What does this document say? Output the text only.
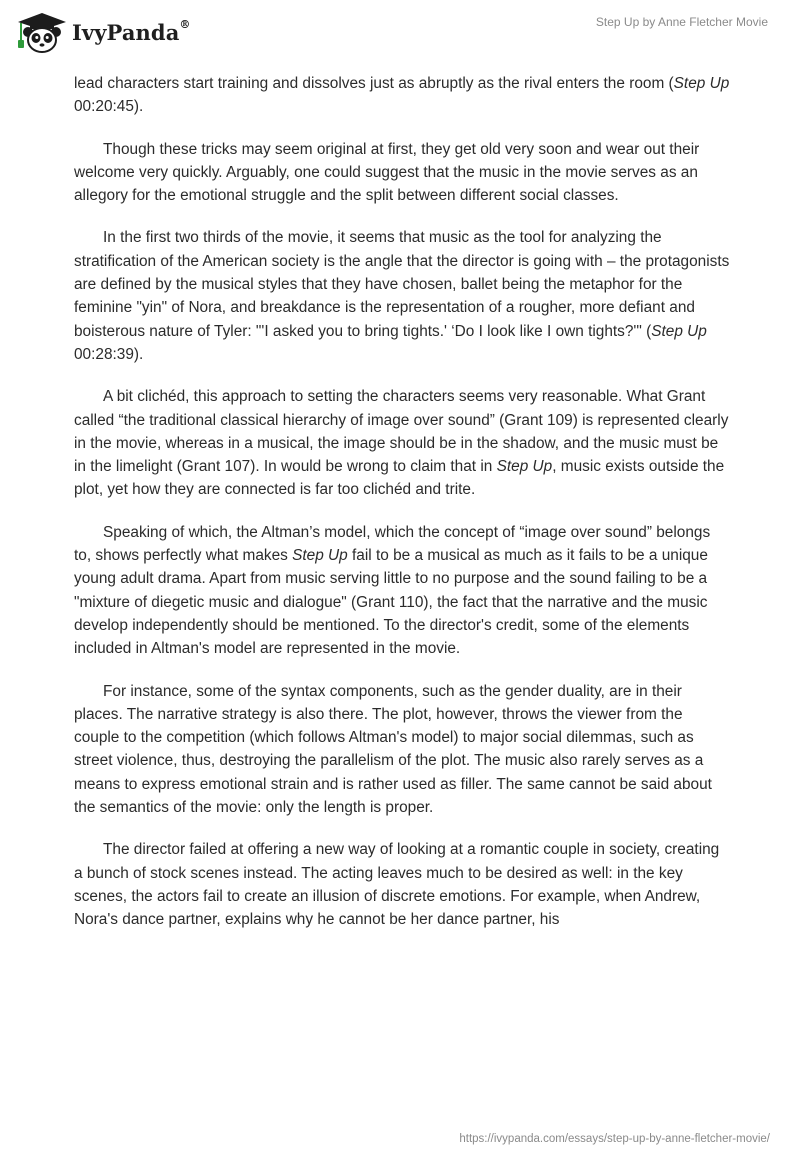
IvyPanda®	Step Up by Anne Fletcher Movie

lead characters start training and dissolves just as abruptly as the rival enters the room (Step Up 00:20:45).

Though these tricks may seem original at first, they get old very soon and wear out their welcome very quickly. Arguably, one could suggest that the music in the movie serves as an allegory for the emotional struggle and the split between different social classes.

In the first two thirds of the movie, it seems that music as the tool for analyzing the stratification of the American society is the angle that the director is going with – the protagonists are defined by the musical styles that they have chosen, ballet being the metaphor for the feminine "yin" of Nora, and breakdance is the representation of a rougher, more defiant and boisterous nature of Tyler: "'I asked you to bring tights.' ‘Do I look like I own tights?'" (Step Up 00:28:39).

A bit clichéd, this approach to setting the characters seems very reasonable. What Grant called “the traditional classical hierarchy of image over sound” (Grant 109) is represented clearly in the movie, whereas in a musical, the image should be in the shadow, and the music must be in the limelight (Grant 107). In would be wrong to claim that in Step Up, music exists outside the plot, yet how they are connected is far too clichéd and trite.

Speaking of which, the Altman’s model, which the concept of “image over sound” belongs to, shows perfectly what makes Step Up fail to be a musical as much as it fails to be a unique young adult drama. Apart from music serving little to no purpose and the sound failing to be a "mixture of diegetic music and dialogue" (Grant 110), the fact that the narrative and the music develop independently should be mentioned. To the director's credit, some of the elements included in Altman's model are represented in the movie.

For instance, some of the syntax components, such as the gender duality, are in their places. The narrative strategy is also there. The plot, however, throws the viewer from the couple to the competition (which follows Altman's model) to major social dilemmas, such as street violence, thus, destroying the parallelism of the plot. The music also rarely serves as a means to express emotional strain and is rather used as filler. The same cannot be said about the semantics of the movie: only the length is proper.

The director failed at offering a new way of looking at a romantic couple in society, creating a bunch of stock scenes instead. The acting leaves much to be desired as well: in the key scenes, the actors fail to create an illusion of discrete emotions. For example, when Andrew, Nora's dance partner, explains why he cannot be her dance partner, his

https://ivypanda.com/essays/step-up-by-anne-fletcher-movie/
